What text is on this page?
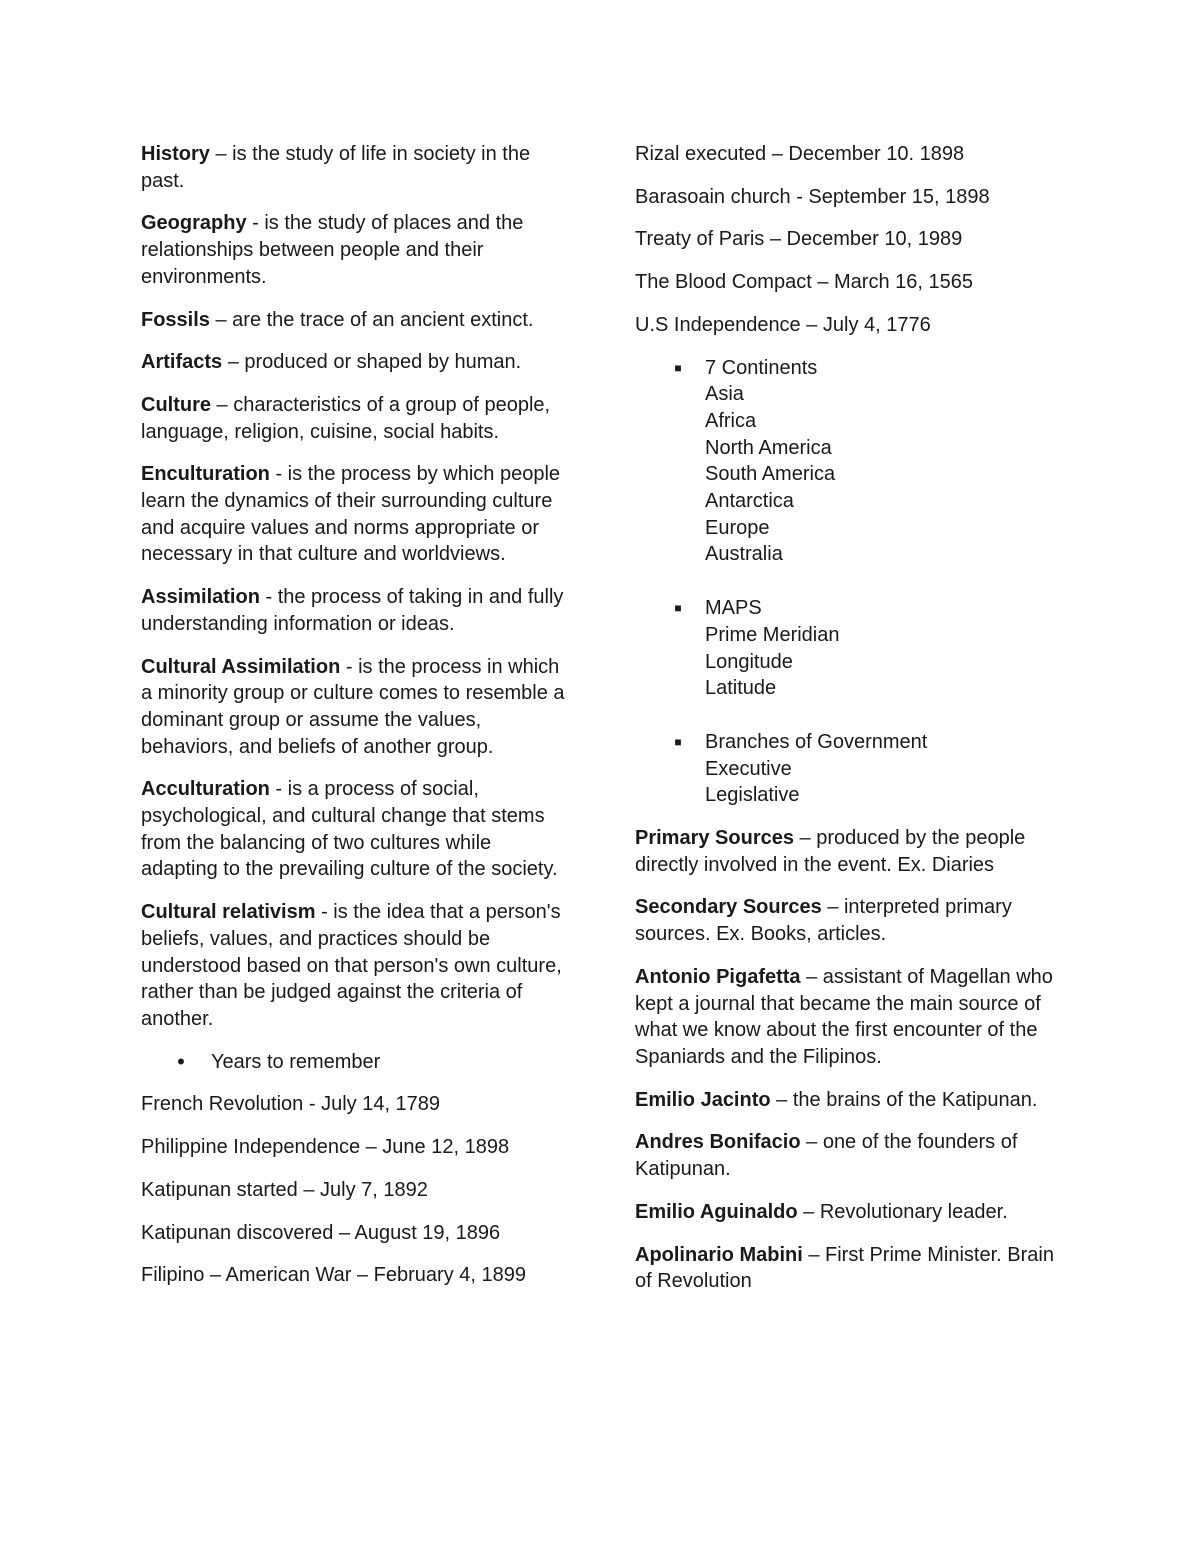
History – is the study of life in society in the past.

Geography - is the study of places and the relationships between people and their environments.

Fossils – are the trace of an ancient extinct.

Artifacts – produced or shaped by human.

Culture – characteristics of a group of people, language, religion, cuisine, social habits.

Enculturation - is the process by which people learn the dynamics of their surrounding culture and acquire values and norms appropriate or necessary in that culture and worldviews.

Assimilation - the process of taking in and fully understanding information or ideas.

Cultural Assimilation - is the process in which a minority group or culture comes to resemble a dominant group or assume the values, behaviors, and beliefs of another group.

Acculturation - is a process of social, psychological, and cultural change that stems from the balancing of two cultures while adapting to the prevailing culture of the society.

Cultural relativism - is the idea that a person's beliefs, values, and practices should be understood based on that person's own culture, rather than be judged against the criteria of another.

•	Years to remember

French Revolution - July 14, 1789

Philippine Independence – June 12, 1898

Katipunan started – July 7, 1892

Katipunan discovered – August 19, 1896

Filipino – American War – February 4, 1899

Rizal executed – December 10. 1898

Barasoain church - September 15, 1898

Treaty of Paris – December 10, 1989

The Blood Compact – March 16, 1565

U.S Independence – July 4, 1776

■	7 Continents
Asia
Africa
North America
South America
Antarctica
Europe
Australia
■	MAPS
Prime Meridian
Longitude
Latitude
■	Branches of Government
Executive
Legislative

Primary Sources – produced by the people directly involved in the event. Ex. Diaries

Secondary Sources – interpreted primary sources. Ex. Books, articles.

Antonio Pigafetta – assistant of Magellan who kept a journal that became the main source of what we know about the first encounter of the Spaniards and the Filipinos.

Emilio Jacinto – the brains of the Katipunan.

Andres Bonifacio – one of the founders of Katipunan.

Emilio Aguinaldo – Revolutionary leader.

Apolinario Mabini – First Prime Minister. Brain of Revolution
